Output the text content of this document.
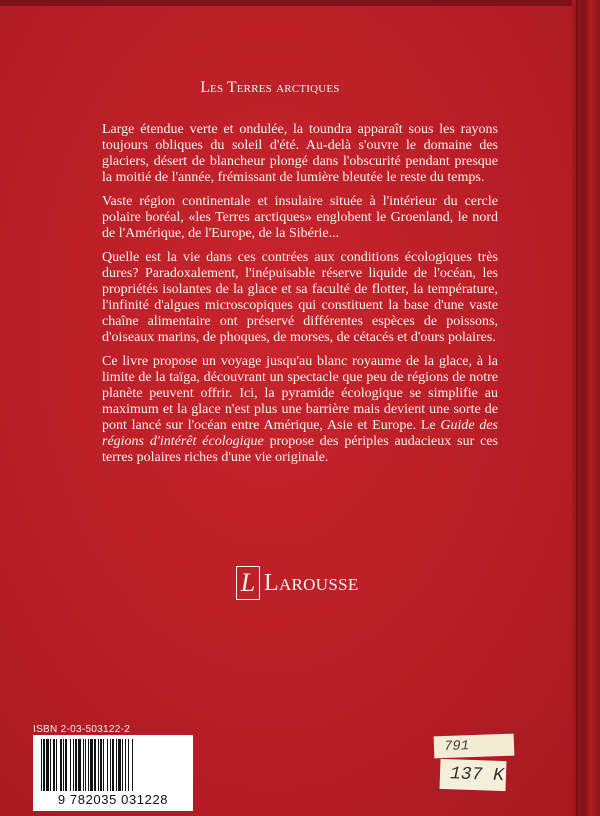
Les Terres arctiques

Large étendue verte et ondulée, la toundra apparaît sous les rayons toujours obliques du soleil d'été. Au-delà s'ouvre le domaine des glaciers, désert de blancheur plongé dans l'obscurité pendant presque la moitié de l'année, frémissant de lumière bleutée le reste du temps.

Vaste région continentale et insulaire située à l'intérieur du cercle polaire boréal, «les Terres arctiques» englobent le Groenland, le nord de l'Amérique, de l'Europe, de la Sibérie...

Quelle est la vie dans ces contrées aux conditions écologiques très dures? Paradoxalement, l'inépuisable réserve liquide de l'océan, les propriétés isolantes de la glace et sa faculté de flotter, la température, l'infinité d'algues microscopiques qui constituent la base d'une vaste chaîne alimentaire ont préservé différentes espèces de poissons, d'oiseaux marins, de phoques, de morses, de cétacés et d'ours polaires.

Ce livre propose un voyage jusqu'au blanc royaume de la glace, à la limite de la taïga, découvrant un spectacle que peu de régions de notre planète peuvent offrir. Ici, la pyramide écologique se simplifie au maximum et la glace n'est plus une barrière mais devient une sorte de pont lancé sur l'océan entre Amérique, Asie et Europe. Le Guide des régions d'intérêt écologique propose des périples audacieux sur ces terres polaires riches d'une vie originale.

L Larousse
ISBN 2-03-503122-2
9 782035 031228
791
137 K
